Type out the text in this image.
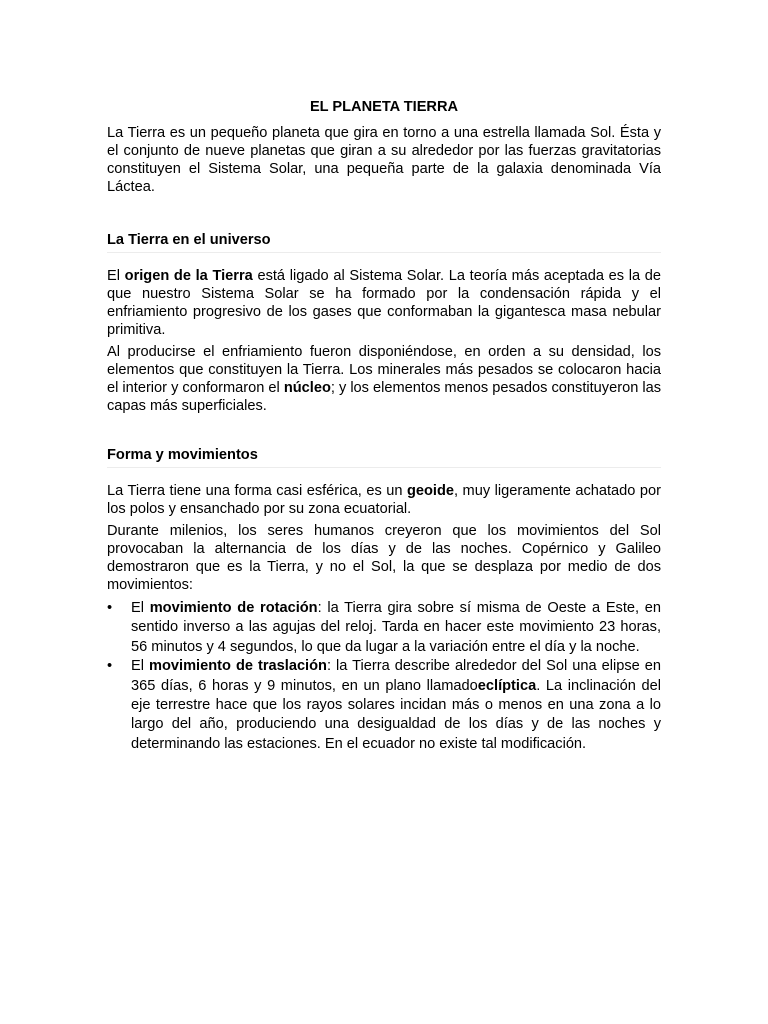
EL PLANETA TIERRA

La Tierra es un pequeño planeta que gira en torno a una estrella llamada Sol. Ésta y el conjunto de nueve planetas que giran a su alrededor por las fuerzas gravitatorias constituyen el Sistema Solar, una pequeña parte de la galaxia denominada Vía Láctea.

La Tierra en el universo

El origen de la Tierra está ligado al Sistema Solar. La teoría más aceptada es la de que nuestro Sistema Solar se ha formado por la condensación rápida y el enfriamiento progresivo de los gases que conformaban la gigantesca masa nebular primitiva.

Al producirse el enfriamiento fueron disponiéndose, en orden a su densidad, los elementos que constituyen la Tierra. Los minerales más pesados se colocaron hacia el interior y conformaron el núcleo; y los elementos menos pesados constituyeron las capas más superficiales.

Forma y movimientos

La Tierra tiene una forma casi esférica, es un geoide, muy ligeramente achatado por los polos y ensanchado por su zona ecuatorial.

Durante milenios, los seres humanos creyeron que los movimientos del Sol provocaban la alternancia de los días y de las noches. Copérnico y Galileo demostraron que es la Tierra, y no el Sol, la que se desplaza por medio de dos movimientos:

• El movimiento de rotación: la Tierra gira sobre sí misma de Oeste a Este, en sentido inverso a las agujas del reloj. Tarda en hacer este movimiento 23 horas, 56 minutos y 4 segundos, lo que da lugar a la variación entre el día y la noche.
• El movimiento de traslación: la Tierra describe alrededor del Sol una elipse en 365 días, 6 horas y 9 minutos, en un plano llamadoeclíptica. La inclinación del eje terrestre hace que los rayos solares incidan más o menos en una zona a lo largo del año, produciendo una desigualdad de los días y de las noches y determinando las estaciones. En el ecuador no existe tal modificación.
